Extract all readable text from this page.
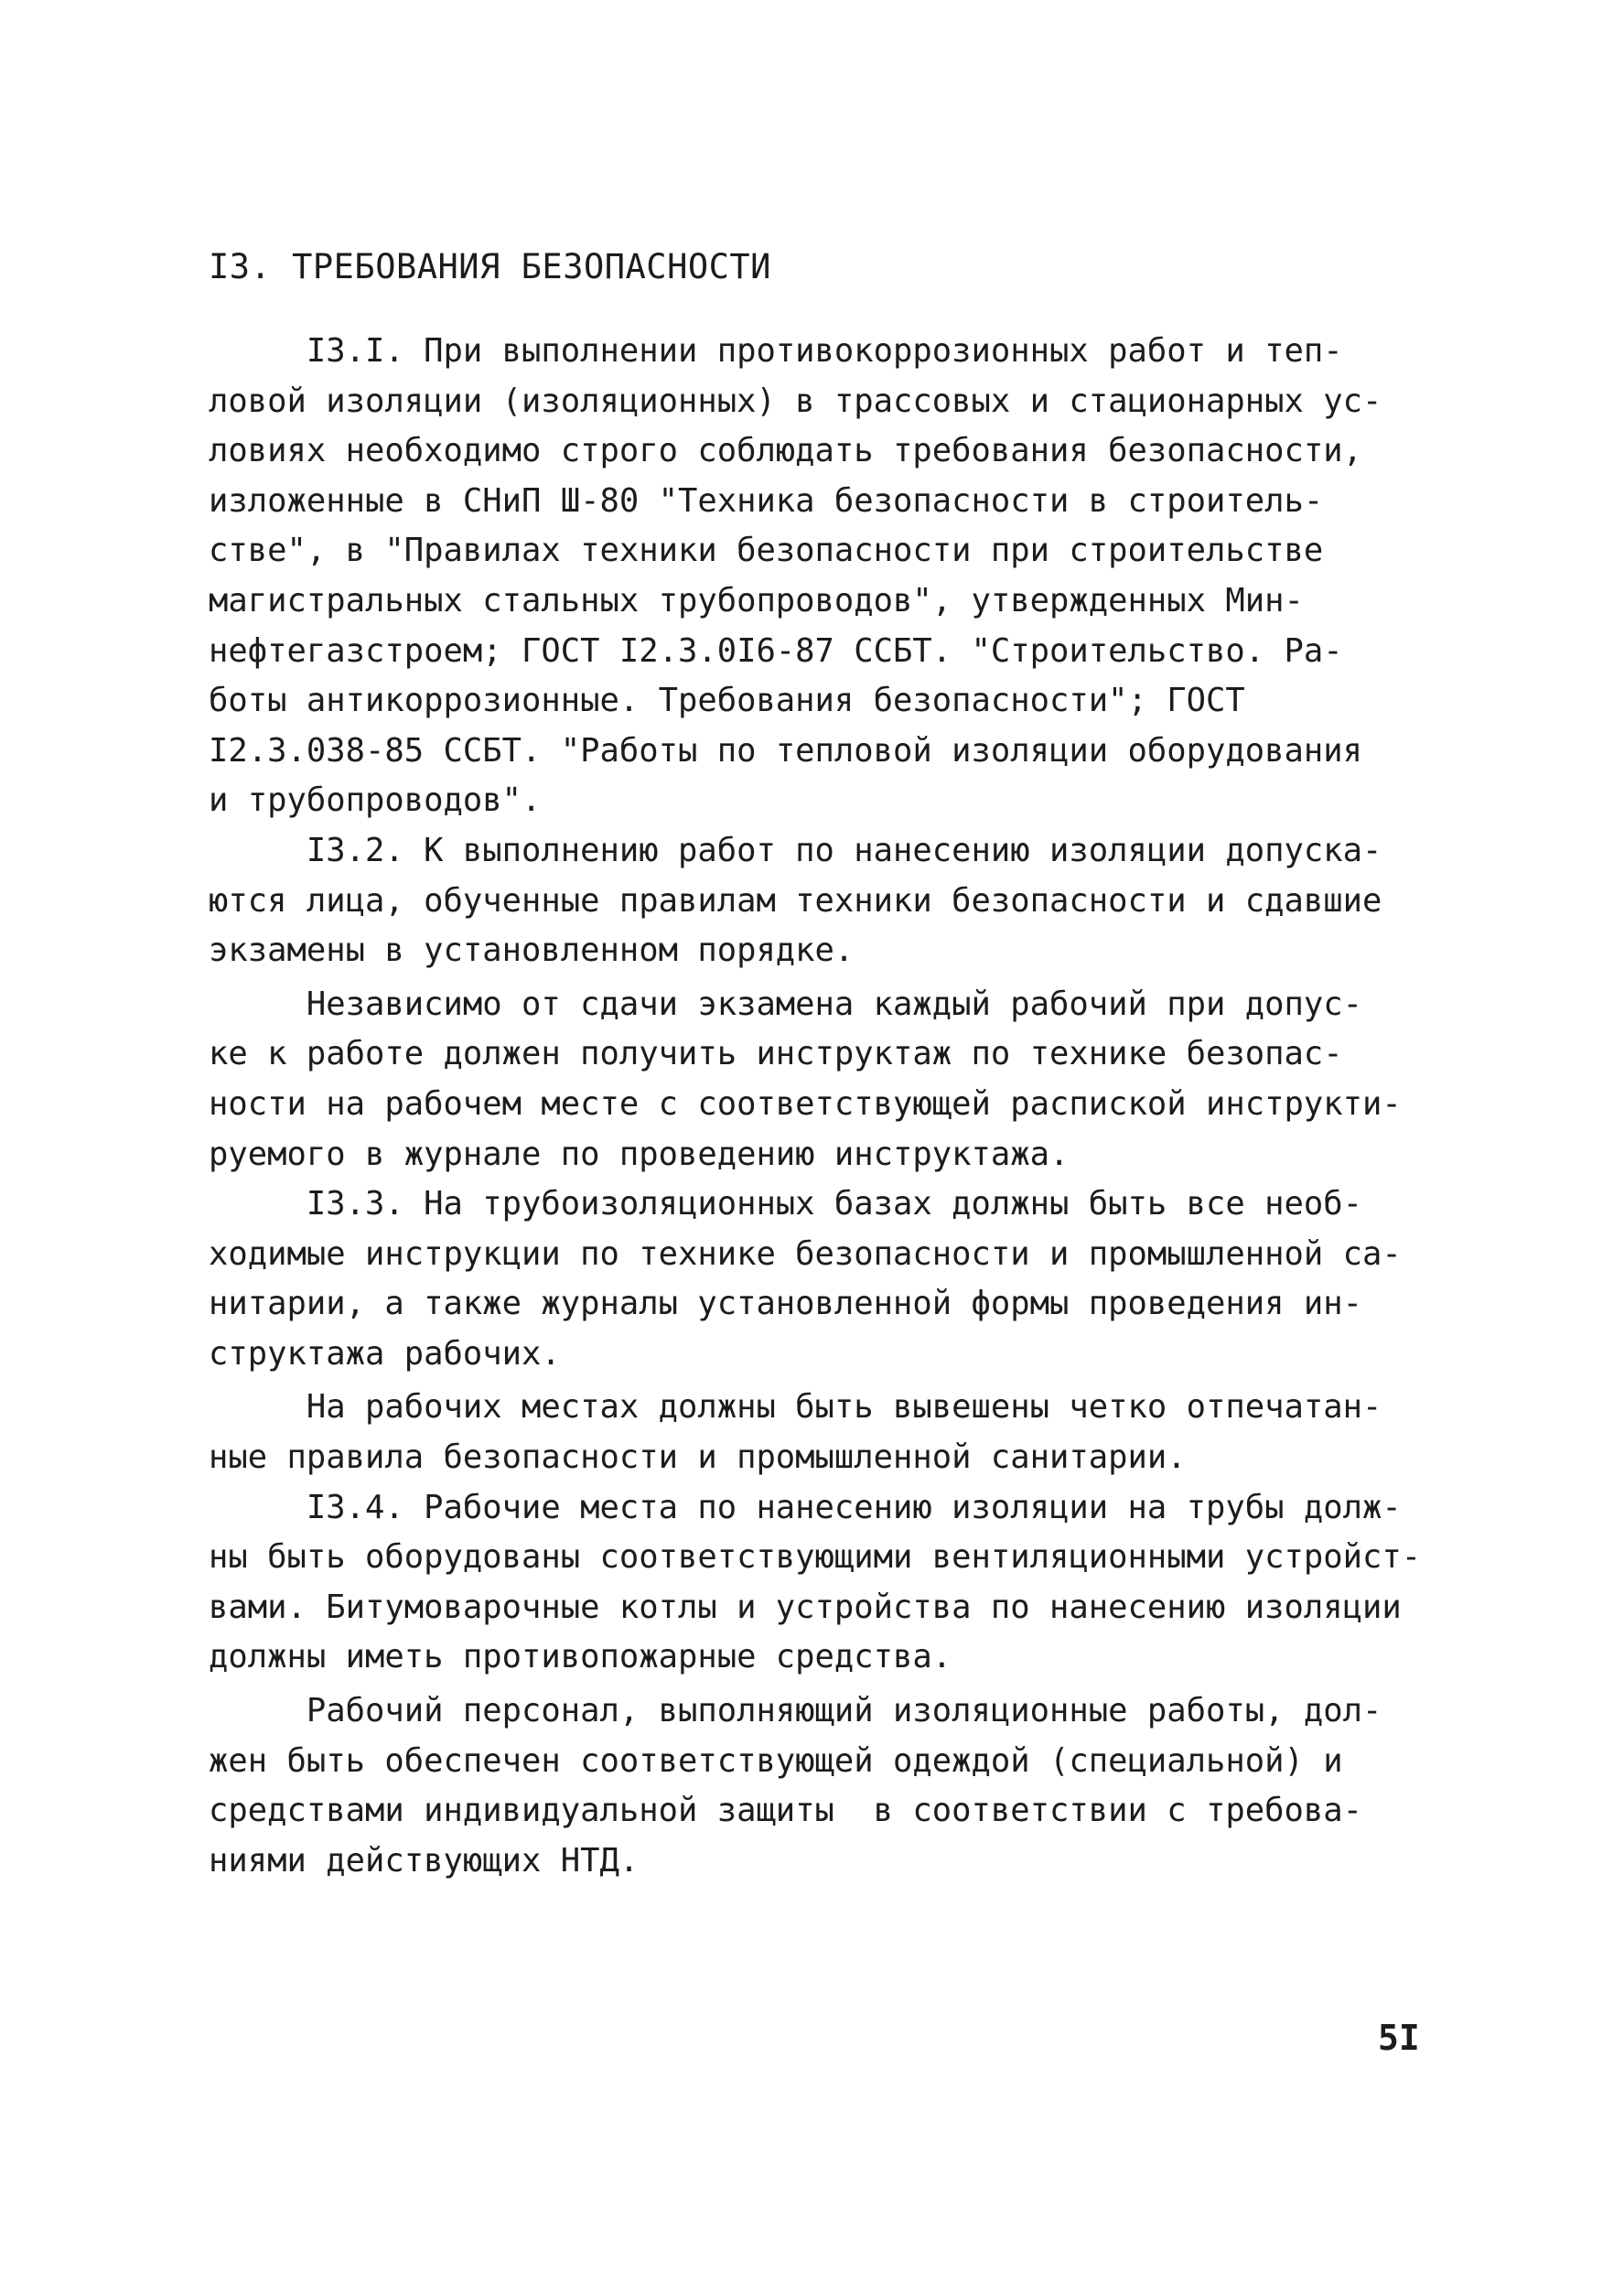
I3. ТРЕБОВАНИЯ БЕЗОПАСНОСТИ
I3.I. При выполнении противокоррозионных работ и теп-
ловой изоляции (изоляционных) в трассовых и стационарных ус-
ловиях необходимо строго соблюдать требования безопасности,
изложенные в СНиП Ш-80 "Техника безопасности в строитель-
стве", в "Правилах техники безопасности при строительстве
магистральных стальных трубопроводов", утвержденных Мин-
нефтегазстроем; ГОСТ I2.3.0I6-87 ССБТ. "Строительство. Ра-
боты антикоррозионные. Требования безопасности"; ГОСТ
I2.3.038-85 ССБТ. "Работы по тепловой изоляции оборудования
и трубопроводов".
I3.2. К выполнению работ по нанесению изоляции допуска-
ются лица, обученные правилам техники безопасности и сдавшие
экзамены в установленном порядке.
Независимо от сдачи экзамена каждый рабочий при допус-
ке к работе должен получить инструктаж по технике безопас-
ности на рабочем месте с соответствующей распиской инструкти-
руемого в журнале по проведению инструктажа.
I3.3. На трубоизоляционных базах должны быть все необ-
ходимые инструкции по технике безопасности и промышленной са-
нитарии, а также журналы установленной формы проведения ин-
структажа рабочих.
На рабочих местах должны быть вывешены четко отпечатан-
ные правила безопасности и промышленной санитарии.
I3.4. Рабочие места по нанесению изоляции на трубы долж-
ны быть оборудованы соответствующими вентиляционными устройст-
вами. Битумоварочные котлы и устройства по нанесению изоляции
должны иметь противопожарные средства.
Рабочий персонал, выполняющий изоляционные работы, дол-
жен быть обеспечен соответствующей одеждой (специальной) и
средствами индивидуальной защиты  в соответствии с требова-
ниями действующих НТД.
5I
